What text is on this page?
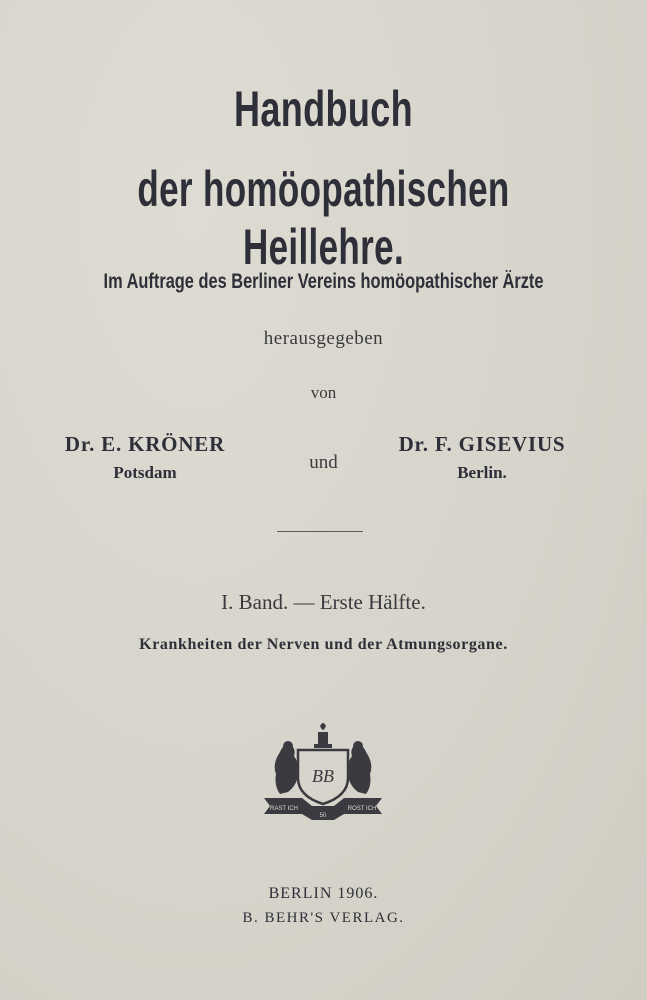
Handbuch
der homöopathischen Heillehre.
Im Auftrage des Berliner Vereins homöopathischer Ärzte
herausgegeben
von
Dr. E. KRÖNER
Potsdam	und
Dr. F. GISEVIUS
Berlin.
I. Band. — Erste Hälfte.
Krankheiten der Nerven und der Atmungsorgane.
BB
RAST ICH	ROST ICH
50
BERLIN 1906.
B. BEHR'S VERLAG.
